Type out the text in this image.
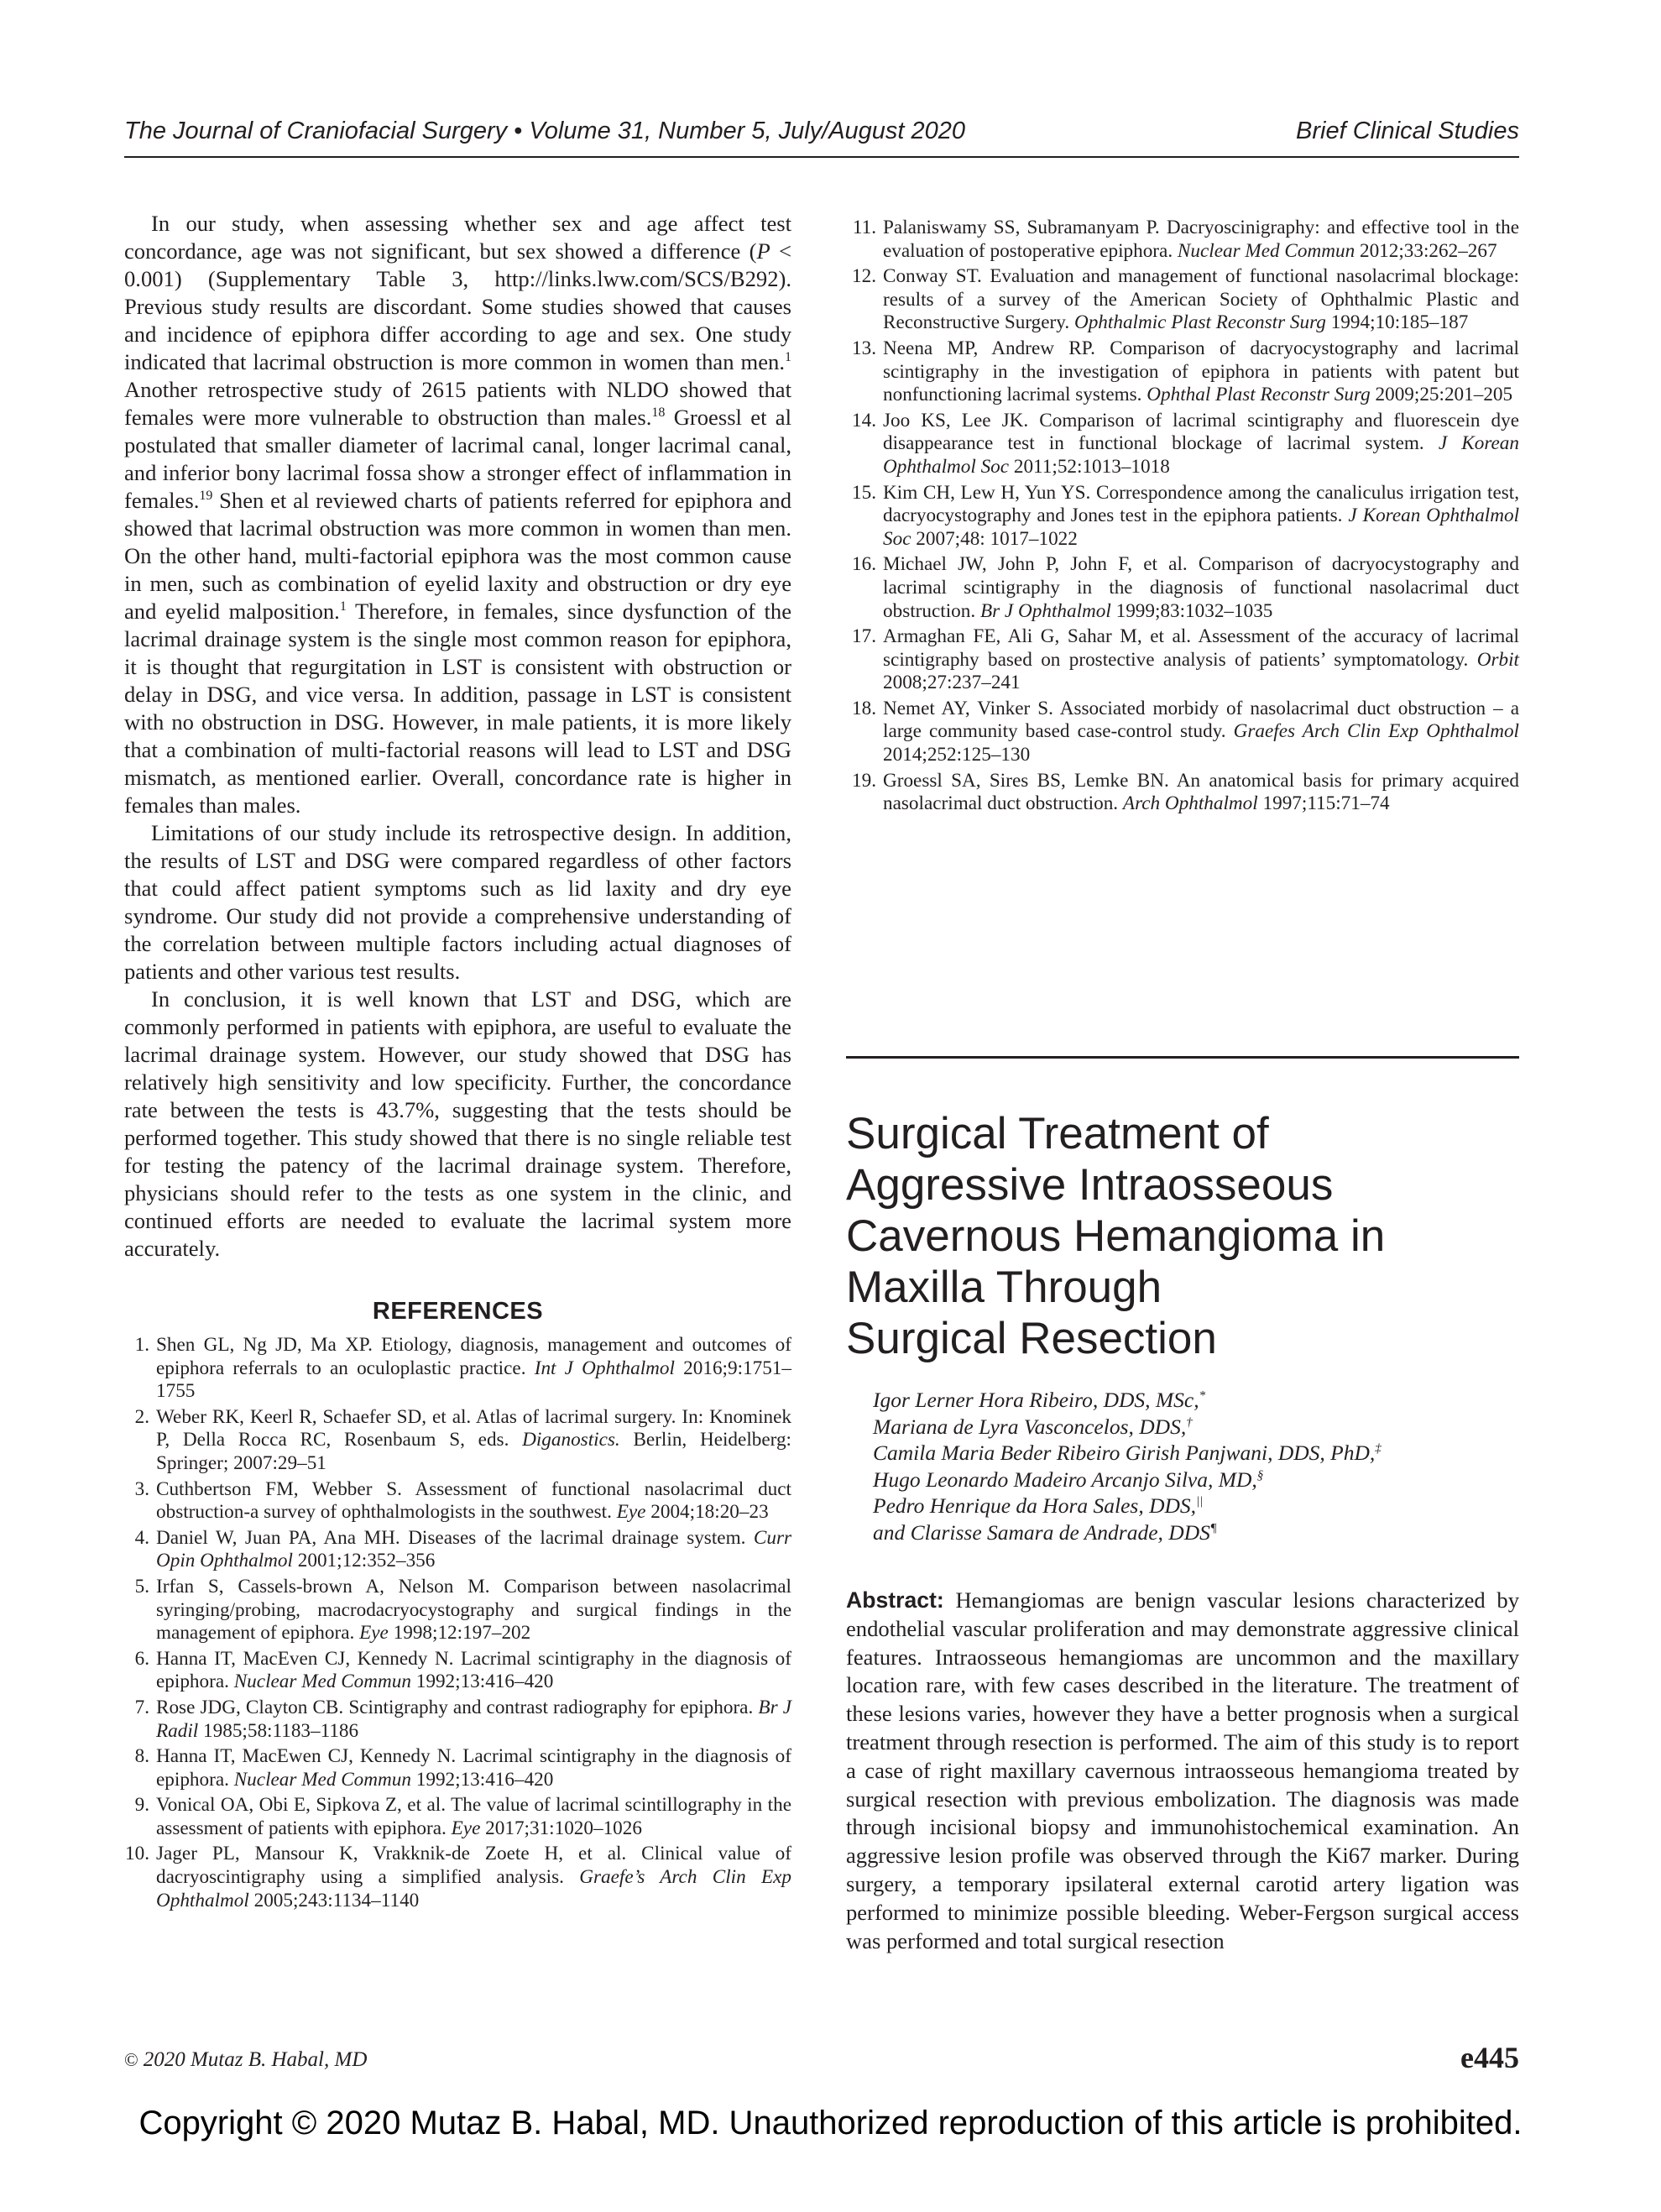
The Journal of Craniofacial Surgery • Volume 31, Number 5, July/August 2020	Brief Clinical Studies

In our study, when assessing whether sex and age affect test concordance, age was not significant, but sex showed a difference (P < 0.001) (Supplementary Table 3, http://links.lww.com/SCS/B292). Previous study results are discordant. Some studies showed that causes and incidence of epiphora differ according to age and sex. One study indicated that lacrimal obstruction is more common in women than men.$^1$ Another retrospective study of 2615 patients with NLDO showed that females were more vulnerable to obstruction than males.$^{18}$ Groessl et al postulated that smaller diameter of lacrimal canal, longer lacrimal canal, and inferior bony lacrimal fossa show a stronger effect of inflammation in females.$^{19}$ Shen et al reviewed charts of patients referred for epiphora and showed that lacrimal obstruction was more common in women than men. On the other hand, multi-factorial epiphora was the most common cause in men, such as combination of eyelid laxity and obstruction or dry eye and eyelid malposition.$^1$ Therefore, in females, since dysfunction of the lacrimal drainage system is the single most common reason for epiphora, it is thought that regurgitation in LST is consistent with obstruction or delay in DSG, and vice versa. In addition, passage in LST is consistent with no obstruction in DSG. However, in male patients, it is more likely that a combination of multi-factorial reasons will lead to LST and DSG mismatch, as mentioned earlier. Overall, concordance rate is higher in females than males.

Limitations of our study include its retrospective design. In addition, the results of LST and DSG were compared regardless of other factors that could affect patient symptoms such as lid laxity and dry eye syndrome. Our study did not provide a comprehensive understanding of the correlation between multiple factors including actual diagnoses of patients and other various test results.

In conclusion, it is well known that LST and DSG, which are commonly performed in patients with epiphora, are useful to evaluate the lacrimal drainage system. However, our study showed that DSG has relatively high sensitivity and low specificity. Further, the concordance rate between the tests is 43.7%, suggesting that the tests should be performed together. This study showed that there is no single reliable test for testing the patency of the lacrimal drainage system. Therefore, physicians should refer to the tests as one system in the clinic, and continued efforts are needed to evaluate the lacrimal system more accurately.

REFERENCES
1. Shen GL, Ng JD, Ma XP. Etiology, diagnosis, management and outcomes of epiphora referrals to an oculoplastic practice. Int J Ophthalmol 2016;9:1751–1755
2. Weber RK, Keerl R, Schaefer SD, et al. Atlas of lacrimal surgery. In: Knominek P, Della Rocca RC, Rosenbaum S, eds. Diganostics. Berlin, Heidelberg: Springer; 2007:29–51
3. Cuthbertson FM, Webber S. Assessment of functional nasolacrimal duct obstruction-a survey of ophthalmologists in the southwest. Eye 2004;18:20–23
4. Daniel W, Juan PA, Ana MH. Diseases of the lacrimal drainage system. Curr Opin Ophthalmol 2001;12:352–356
5. Irfan S, Cassels-brown A, Nelson M. Comparison between nasolacrimal syringing/probing, macrodacryocystography and surgical findings in the management of epiphora. Eye 1998;12:197–202
6. Hanna IT, MacEven CJ, Kennedy N. Lacrimal scintigraphy in the diagnosis of epiphora. Nuclear Med Commun 1992;13:416–420
7. Rose JDG, Clayton CB. Scintigraphy and contrast radiography for epiphora. Br J Radil 1985;58:1183–1186
8. Hanna IT, MacEwen CJ, Kennedy N. Lacrimal scintigraphy in the diagnosis of epiphora. Nuclear Med Commun 1992;13:416–420
9. Vonical OA, Obi E, Sipkova Z, et al. The value of lacrimal scintillography in the assessment of patients with epiphora. Eye 2017;31:1020–1026
10. Jager PL, Mansour K, Vrakknik-de Zoete H, et al. Clinical value of dacryoscintigraphy using a simplified analysis. Graefe’s Arch Clin Exp Ophthalmol 2005;243:1134–1140
11. Palaniswamy SS, Subramanyam P. Dacryoscinigraphy: and effective tool in the evaluation of postoperative epiphora. Nuclear Med Commun 2012;33:262–267
12. Conway ST. Evaluation and management of functional nasolacrimal blockage: results of a survey of the American Society of Ophthalmic Plastic and Reconstructive Surgery. Ophthalmic Plast Reconstr Surg 1994;10:185–187
13. Neena MP, Andrew RP. Comparison of dacryocystography and lacrimal scintigraphy in the investigation of epiphora in patients with patent but nonfunctioning lacrimal systems. Ophthal Plast Reconstr Surg 2009;25:201–205
14. Joo KS, Lee JK. Comparison of lacrimal scintigraphy and fluorescein dye disappearance test in functional blockage of lacrimal system. J Korean Ophthalmol Soc 2011;52:1013–1018
15. Kim CH, Lew H, Yun YS. Correspondence among the canaliculus irrigation test, dacryocystography and Jones test in the epiphora patients. J Korean Ophthalmol Soc 2007;48: 1017–1022
16. Michael JW, John P, John F, et al. Comparison of dacryocystography and lacrimal scintigraphy in the diagnosis of functional nasolacrimal duct obstruction. Br J Ophthalmol 1999;83:1032–1035
17. Armaghan FE, Ali G, Sahar M, et al. Assessment of the accuracy of lacrimal scintigraphy based on prostective analysis of patients’ symptomatology. Orbit 2008;27:237–241
18. Nemet AY, Vinker S. Associated morbidy of nasolacrimal duct obstruction – a large community based case-control study. Graefes Arch Clin Exp Ophthalmol 2014;252:125–130
19. Groessl SA, Sires BS, Lemke BN. An anatomical basis for primary acquired nasolacrimal duct obstruction. Arch Ophthalmol 1997;115:71–74
Surgical Treatment of
Aggressive Intraosseous
Cavernous Hemangioma in
Maxilla Through
Surgical Resection
Igor Lerner Hora Ribeiro, DDS, MSc,*
Mariana de Lyra Vasconcelos, DDS,†
Camila Maria Beder Ribeiro Girish Panjwani, DDS, PhD,‡
Hugo Leonardo Madeiro Arcanjo Silva, MD,§
Pedro Henrique da Hora Sales, DDS,||
and Clarisse Samara de Andrade, DDS¶

Abstract: Hemangiomas are benign vascular lesions characterized by endothelial vascular proliferation and may demonstrate aggressive clinical features. Intraosseous hemangiomas are uncommon and the maxillary location rare, with few cases described in the literature. The treatment of these lesions varies, however they have a better prognosis when a surgical treatment through resection is performed. The aim of this study is to report a case of right maxillary cavernous intraosseous hemangioma treated by surgical resection with previous embolization. The diagnosis was made through incisional biopsy and immunohistochemical examination. An aggressive lesion profile was observed through the Ki67 marker. During surgery, a temporary ipsilateral external carotid artery ligation was performed to minimize possible bleeding. Weber-Fergson surgical access was performed and total surgical resection

© 2020 Mutaz B. Habal, MD	e445
Copyright © 2020 Mutaz B. Habal, MD. Unauthorized reproduction of this article is prohibited.
